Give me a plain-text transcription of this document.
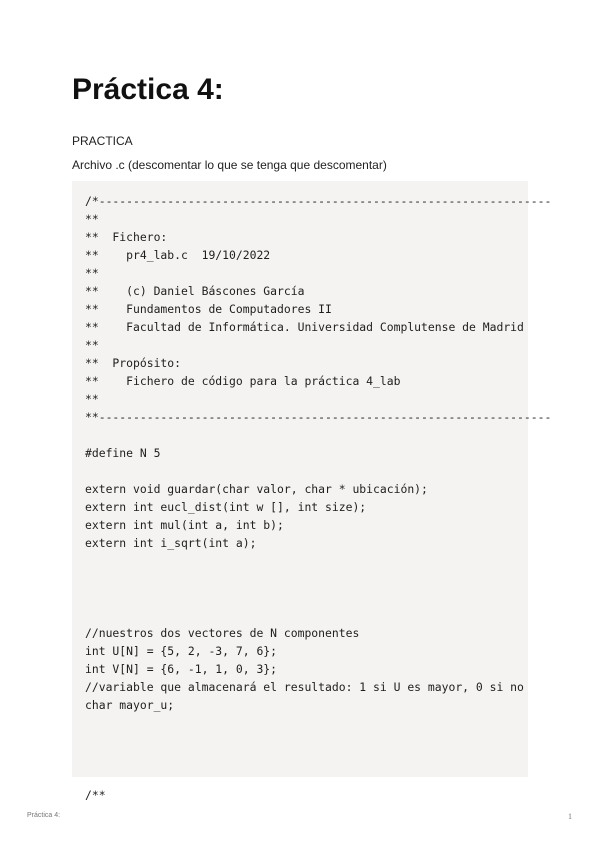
Práctica 4:
PRACTICA
Archivo .c (descomentar lo que se tenga que descomentar)
/*------------------------------------------------------------------
**
**  Fichero:
**    pr4_lab.c  19/10/2022
**
**    (c) Daniel Báscones García
**    Fundamentos de Computadores II
**    Facultad de Informática. Universidad Complutense de Madrid
**
**  Propósito:
**    Fichero de código para la práctica 4_lab
**
**------------------------------------------------------------------
#define N 5
extern void guardar(char valor, char * ubicación);
extern int eucl_dist(int w [], int size);
extern int mul(int a, int b);
extern int i_sqrt(int a);
//nuestros dos vectores de N componentes
int U[N] = {5, 2, -3, 7, 6};
int V[N] = {6, -1, 1, 0, 3};
//variable que almacenará el resultado: 1 si U es mayor, 0 si no
char mayor_u;
/**
Práctica 4:	1
